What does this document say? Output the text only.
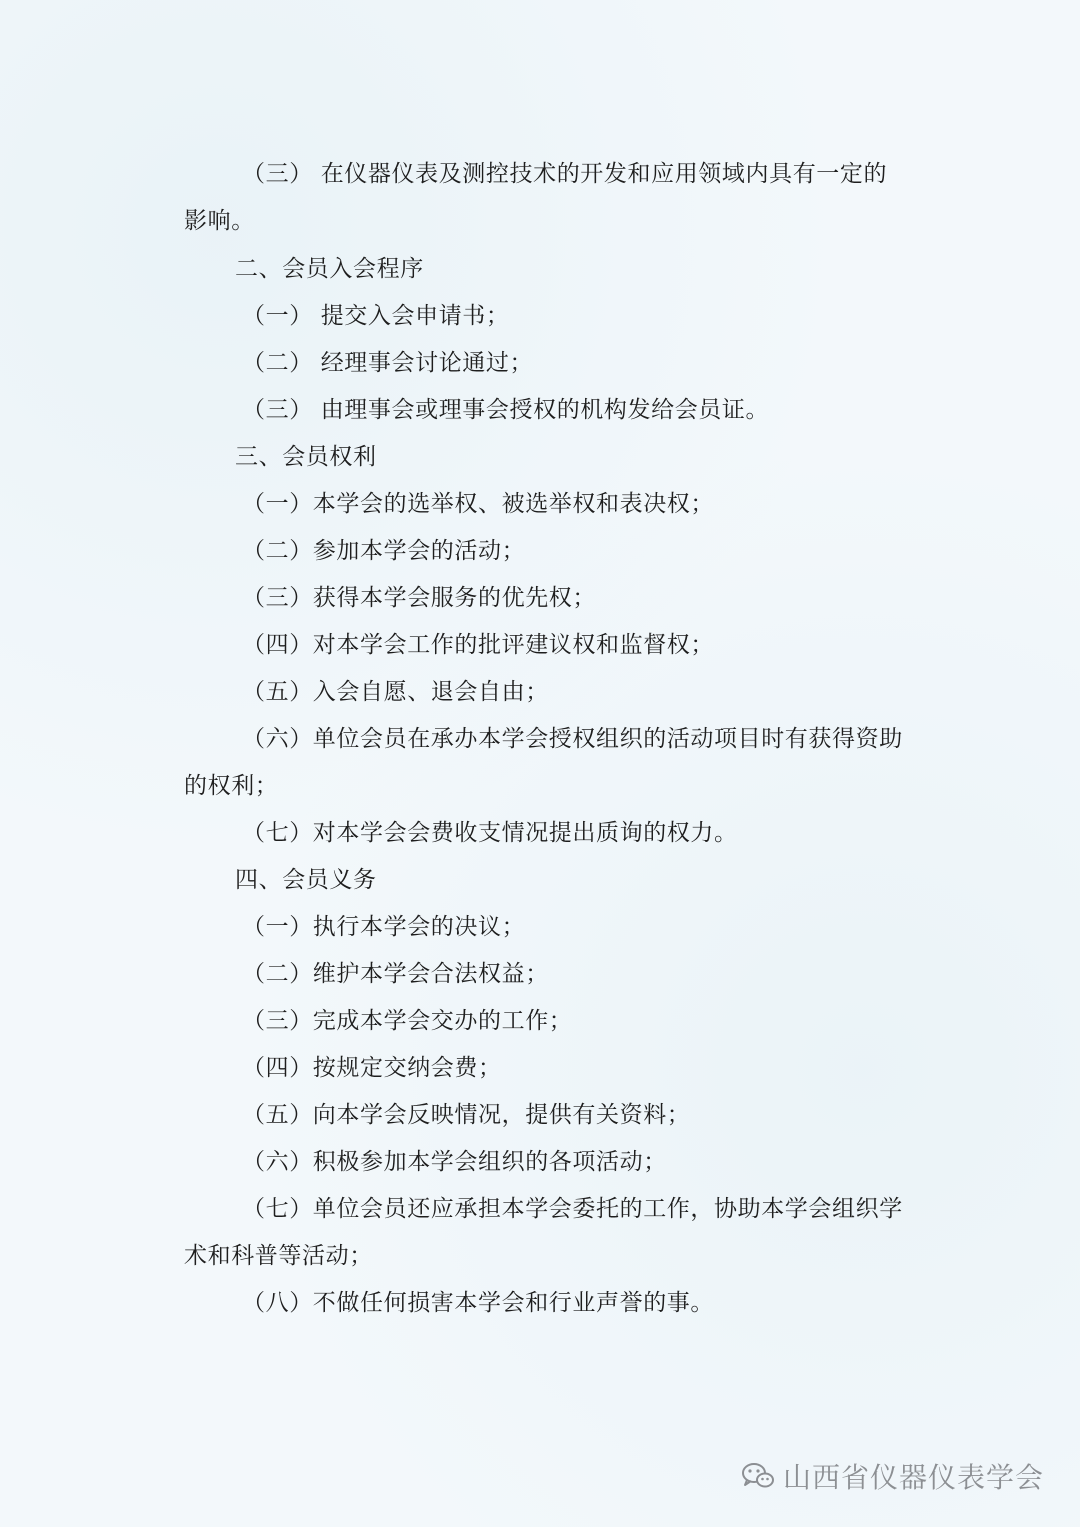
（三） 在仪器仪表及测控技术的开发和应用领域内具有一定的
影响。
二、会员入会程序
（一） 提交入会申请书；
（二） 经理事会讨论通过；
（三） 由理事会或理事会授权的机构发给会员证。
三、会员权利
（一）本学会的选举权、被选举权和表决权；
（二）参加本学会的活动；
（三）获得本学会服务的优先权；
（四）对本学会工作的批评建议权和监督权；
（五）入会自愿、退会自由；
（六）单位会员在承办本学会授权组织的活动项目时有获得资助
的权利；
（七）对本学会会费收支情况提出质询的权力。
四、会员义务
（一）执行本学会的决议；
（二）维护本学会合法权益；
（三）完成本学会交办的工作；
（四）按规定交纳会费；
（五）向本学会反映情况，提供有关资料；
（六）积极参加本学会组织的各项活动；
（七）单位会员还应承担本学会委托的工作，协助本学会组织学
术和科普等活动；
（八）不做任何损害本学会和行业声誉的事。
山西省仪器仪表学会
